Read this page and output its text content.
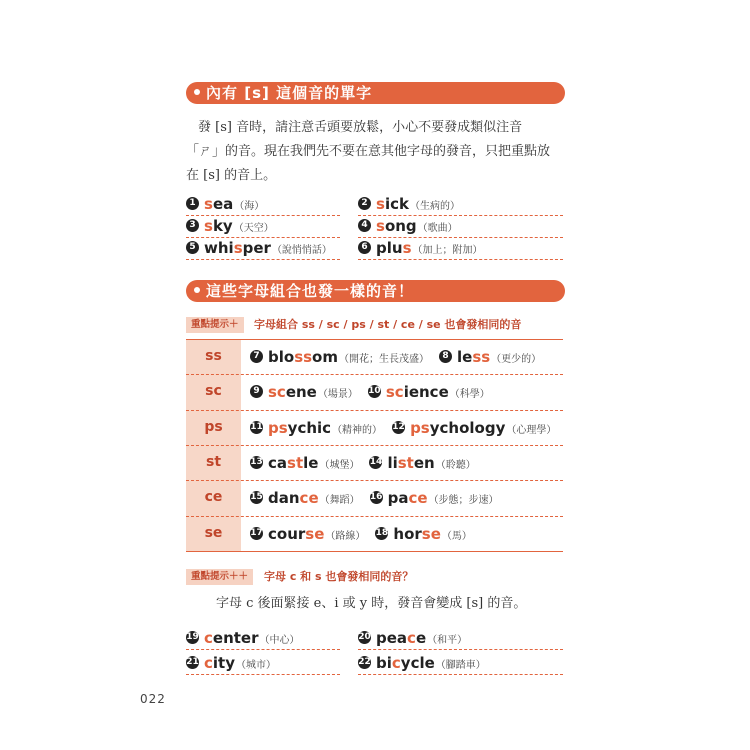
內有 [s] 這個音的單字
發 [s] 音時，請注意舌頭要放鬆，小心不要發成類似注音
「ㄕ」的音。現在我們先不要在意其他字母的發音，只把重點放
在 [s] 的音上。
1 sea（海）	2 sick（生病的）
3 sky（天空）	4 song（歌曲）
5 whisper（說悄悄話）	6 plus（加上；附加）
這些字母組合也發一樣的音！
重點提示＋	字母組合 ss / sc / ps / st / ce / se 也會發相同的音
ss	7 blossom（開花；生長茂盛）	8 less（更少的）
sc	9 scene（場景） 10 science（科學）
ps	11 psychic（精神的） 12 psychology（心理學）
st	13 castle（城堡） 14 listen（聆聽）
ce	15 dance（舞蹈） 16 pace（步態；步速）
se	17 course（路線） 18 horse（馬）
重點提示＋＋	字母 c 和 s 也會發相同的音？
字母 c 後面緊接 e、i 或 y 時，發音會變成 [s] 的音。
19 center（中心）	20 peace（和平）
21 city（城市）	22 bicycle（腳踏車）
022
